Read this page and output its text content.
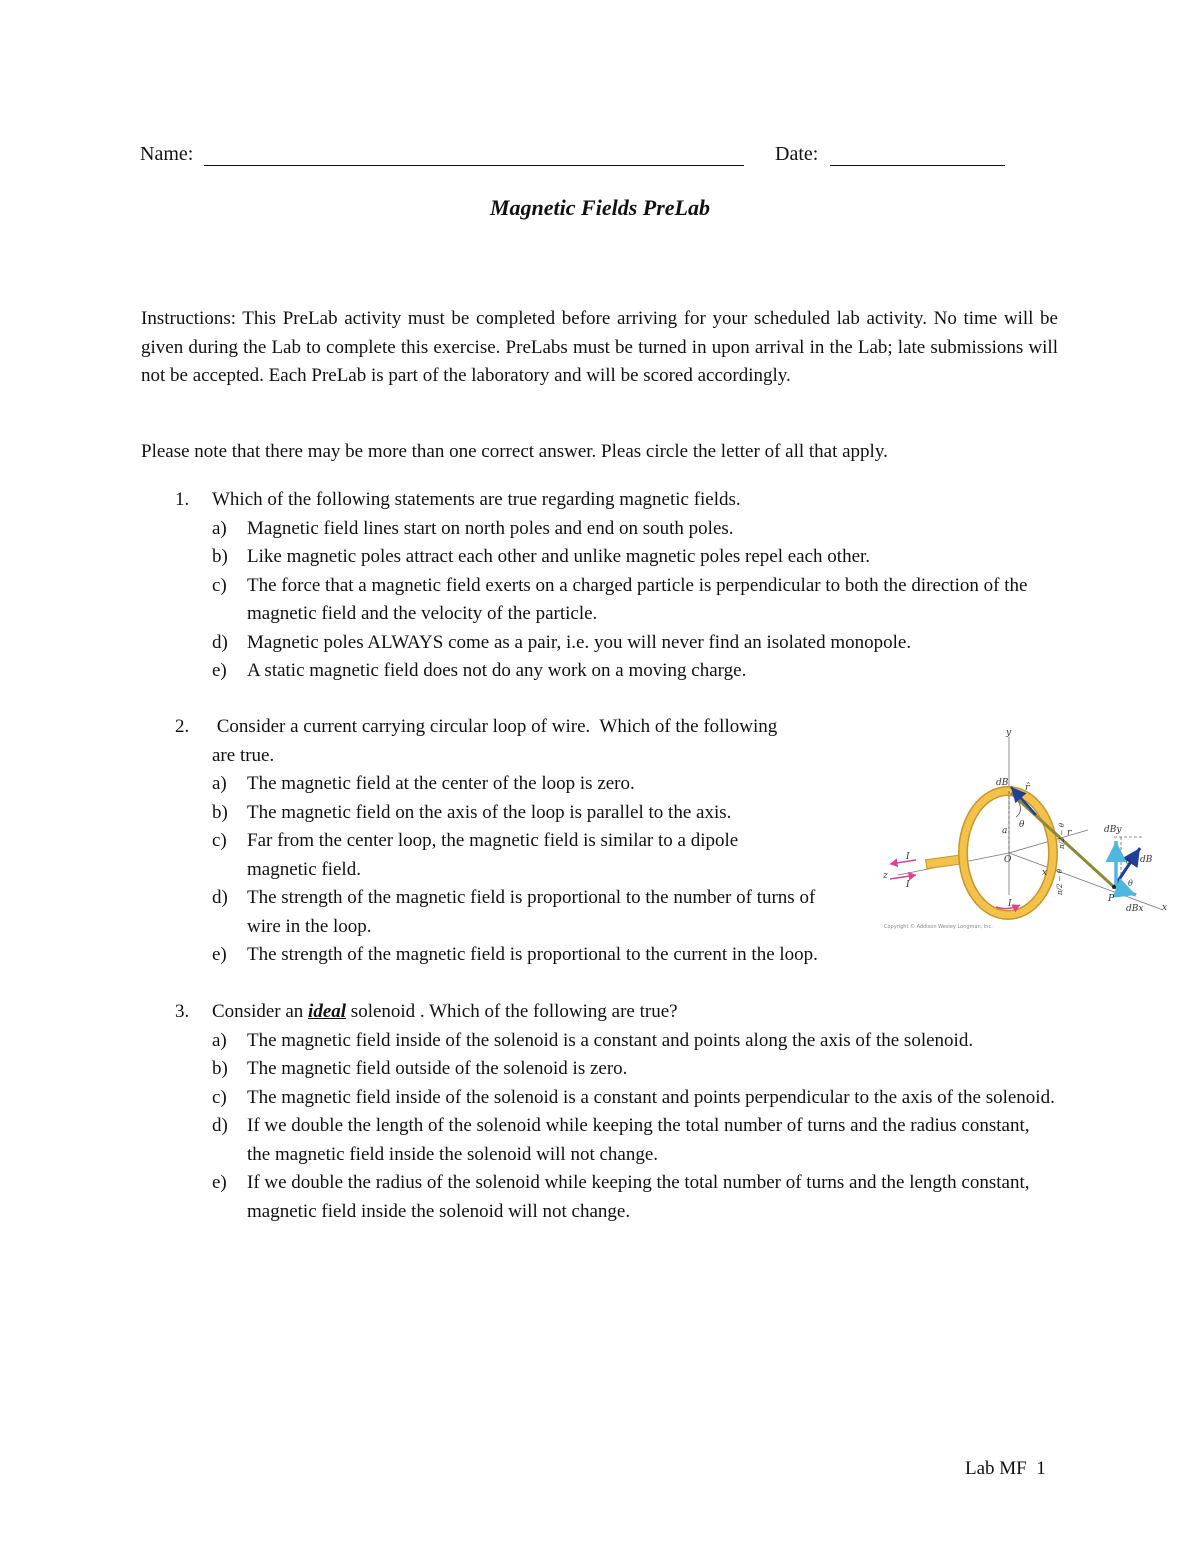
Name:	Date:
Magnetic Fields PreLab
Instructions: This PreLab activity must be completed before arriving for your scheduled lab activity. No time will be given during the Lab to complete this exercise. PreLabs must be turned in upon arrival in the Lab; late submissions will not be accepted. Each PreLab is part of the laboratory and will be scored accordingly.
Please note that there may be more than one correct answer. Pleas circle the letter of all that apply.
1.	Which of the following statements are true regarding magnetic fields.
a) Magnetic field lines start on north poles and end on south poles.
b) Like magnetic poles attract each other and unlike magnetic poles repel each other.
c) The force that a magnetic field exerts on a charged particle is perpendicular to both the direction of the magnetic field and the velocity of the particle.
d) Magnetic poles ALWAYS come as a pair, i.e. you will never find an isolated monopole.
e) A static magnetic field does not do any work on a moving charge.
2.	Consider a current carrying circular loop of wire.  Which of the following
are true.
a) The magnetic field at the center of the loop is zero.
b) The magnetic field on the axis of the loop is parallel to the axis.
c) Far from the center loop, the magnetic field is similar to a dipole magnetic field.
d) The strength of the magnetic field is proportional to the number of turns of wire in the loop.
e) The strength of the magnetic field is proportional to the current in the loop.
y
dB r̂
θ
a	r
O
x
z
I
I
I
π/2 − θ
π/2 − θ
dBy
dB
θ
θ
P
dBx x
Copyright © Addison Wesley Longman, Inc.
3.	Consider an ideal solenoid . Which of the following are true?
a) The magnetic field inside of the solenoid is a constant and points along the axis of the solenoid.
b) The magnetic field outside of the solenoid is zero.
c) The magnetic field inside of the solenoid is a constant and points perpendicular to the axis of the solenoid.
d) If we double the length of the solenoid while keeping the total number of turns and the radius constant, the magnetic field inside the solenoid will not change.
e) If we double the radius of the solenoid while keeping the total number of turns and the length constant, magnetic field inside the solenoid will not change.
Lab MF  1
